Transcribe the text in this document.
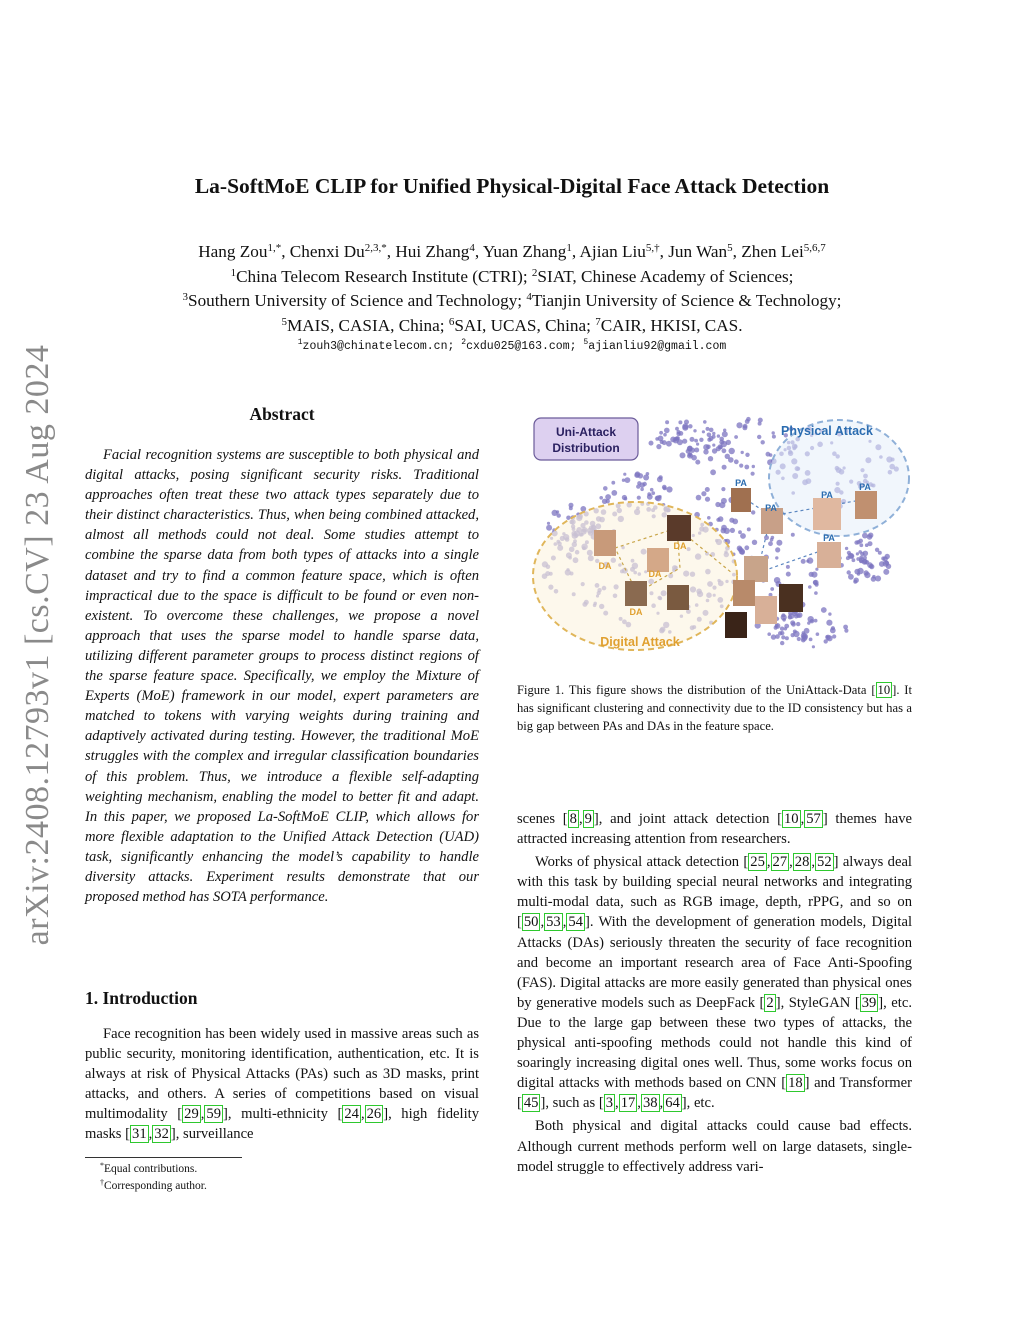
arXiv:2408.12793v1 [cs.CV] 23 Aug 2024
La-SoftMoE CLIP for Unified Physical-Digital Face Attack Detection
Hang Zou$^{1,*}$, Chenxi $Du^{2,3,*}$, Hui Zhang$^4$, Yuan Zhang$^1$, Ajian Liu$^{5,\dagger}$, Jun Wan$^5$, Zhen Lei$^{5,6,7}$
$^1$China Telecom Research Institute (CTRI); $^2$SIAT, Chinese Academy of Sciences;
$^3$Southern University of Science and Technology; $^4$Tianjin University of Science & Technology;
$^5$MAIS, CASIA, China; $^6$SAI, UCAS, China; $^7$CAIR, HKISI, CAS.
$^1$zouh3@chinatelecom.cn; $^2$cxdu025@163.com; $^5$ajianliu92@gmail.com
Abstract

Facial recognition systems are susceptible to both physical and digital attacks, posing significant security risks. Traditional approaches often treat these two attack types separately due to their distinct characteristics. Thus, when being combined attacked, almost all methods could not deal. Some studies attempt to combine the sparse data from both types of attacks into a single dataset and try to find a common feature space, which is often impractical due to the space is difficult to be found or even non-existent. To overcome these challenges, we propose a novel approach that uses the sparse model to handle sparse data, utilizing different parameter groups to process distinct regions of the sparse feature space. Specifically, we employ the Mixture of Experts (MoE) framework in our model, expert parameters are matched to tokens with varying weights during training and adaptively activated during testing. However, the traditional MoE struggles with the complex and irregular classification boundaries of this problem. Thus, we introduce a flexible self-adapting weighting mechanism, enabling the model to better fit and adapt. In this paper, we proposed La-SoftMoE CLIP, which allows for more flexible adaptation to the Unified Attack Detection (UAD) task, significantly enhancing the model’s capability to handle diversity attacks. Experiment results demonstrate that our proposed method has SOTA performance.

1. Introduction

Face recognition has been widely used in massive areas such as public security, monitoring identification, authentication, etc. It is always at risk of Physical Attacks (PAs) such as 3D masks, print attacks, and others. A series of competitions based on visual multimodality [ 29 , 59 ], multi-ethnicity [ 24 , 26 ], high fidelity masks [ 31 , 32 ], surveillance

*Equal contributions.
†Corresponding author.
Uni-Attack
Distribution
Physical Attack
Digital Attack
PA
PA
PA
PA
PA
DA
DA
DA
DA

Figure 1. This figure shows the distribution of the UniAttack-Data [ 10 ]. It has significant clustering and connectivity due to the ID consistency but has a big gap between PAs and DAs in the feature space.

scenes [ 8 , 9 ], and joint attack detection [ 10 , 57 ] themes have attracted increasing attention from researchers.

Works of physical attack detection [ 25 , 27 , 28 , 52 ] always deal with this task by building special neural networks and integrating multi-modal data, such as RGB image, depth, rPPG, and so on [ 50 , 53 , 54 ]. With the development of generation models, Digital Attacks (DAs) seriously threaten the security of face recognition and become an important research area of Face Anti-Spoofing (FAS). Digital attacks are more easily generated than physical ones by generative models such as DeepFack [ 2 ], StyleGAN [ 39 ], etc. Due to the large gap between these two types of attacks, the physical anti-spoofing methods could not handle this kind of soaringly increasing digital ones well. Thus, some works focus on digital attacks with methods based on CNN [ 18 ] and Transformer [ 45 ], such as [ 3 , 17 , 38 , 64 ], etc.

Both physical and digital attacks could cause bad effects. Although current methods perform well on large datasets, single-model struggle to effectively address vari-
